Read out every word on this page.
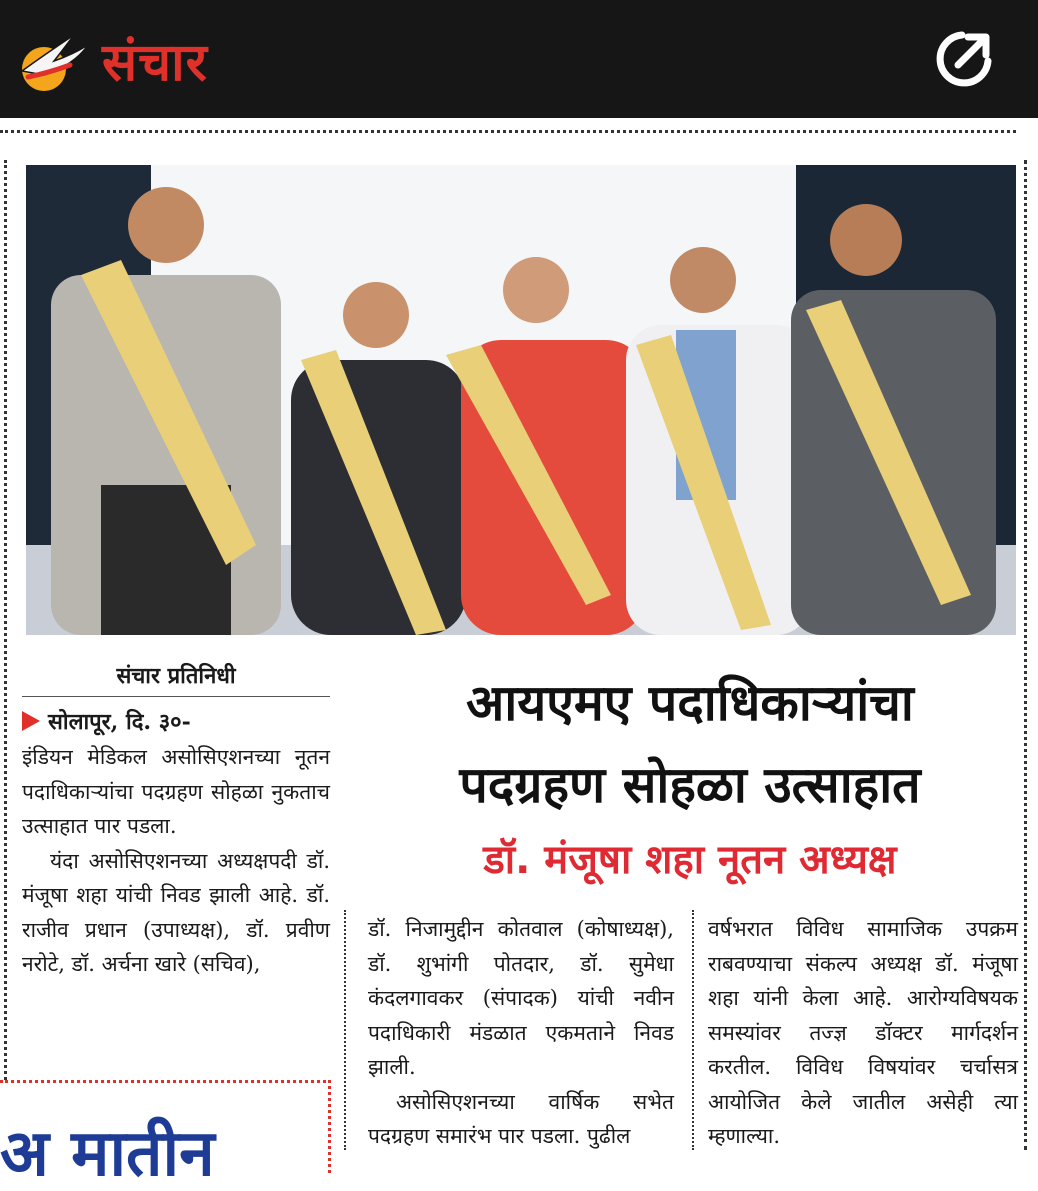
संचार
संचार प्रतिनिधी
सोलापूर, दि. ३०-

इंडियन मेडिकल असोसिएशनच्या नूतन पदाधिकाऱ्यांचा पदग्रहण सोहळा नुकताच उत्साहात पार पडला.

यंदा असोसिएशनच्या अध्यक्षपदी डॉ. मंजूषा शहा यांची निवड झाली आहे. डॉ. राजीव प्रधान (उपाध्यक्ष), डॉ. प्रवीण नरोटे, डॉ. अर्चना खारे (सचिव),

आयएमए पदाधिकाऱ्यांचा
पदग्रहण सोहळा उत्साहात
डॉ. मंजूषा शहा नूतन अध्यक्ष

डॉ. निजामुद्दीन कोतवाल (कोषाध्यक्ष), डॉ. शुभांगी पोतदार, डॉ. सुमेधा कंदलगावकर (संपादक) यांची नवीन पदाधिकारी मंडळात एकमताने निवड झाली.

असोसिएशनच्या वार्षिक सभेत पदग्रहण समारंभ पार पडला. पुढील

वर्षभरात विविध सामाजिक उपक्रम राबवण्याचा संकल्प अध्यक्ष डॉ. मंजूषा शहा यांनी केला आहे. आरोग्यविषयक समस्यांवर तज्ज्ञ डॉक्टर मार्गदर्शन करतील. विविध विषयांवर चर्चासत्र आयोजित केले जातील असेही त्या म्हणाल्या.

अ मातीन
